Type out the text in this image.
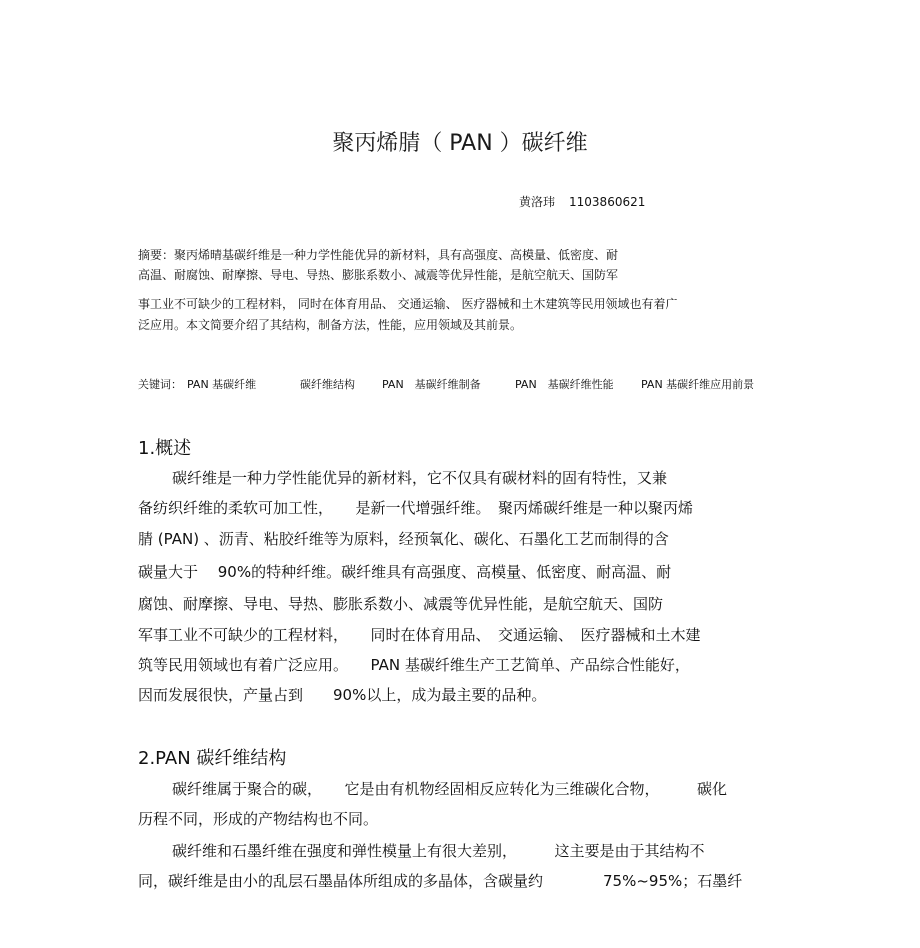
聚丙烯腈（ PAN ）碳纤维
黄洛玮 1103860621
摘要：聚丙烯晴基碳纤维是一种力学性能优异的新材料，具有高强度、高模量、低密度、耐
高温、耐腐蚀、耐摩擦、导电、导热、膨胀系数小、减震等优异性能，是航空航天、国防军
事工业不可缺少的工程材料， 同时在体育用品、 交通运输、 医疗器械和土木建筑等民用领域也有着广
泛应用。本文简要介绍了其结构，制备方法，性能，应用领域及其前景。
关键词： PAN 基碳纤维	碳纤维结构 PAN　基碳纤维制备	PAN　基碳纤维性能 PAN 基碳纤维应用前景
1.概述
碳纤维是一种力学性能优异的新材料，它不仅具有碳材料的固有特性，又兼
备纺织纤维的柔软可加工性，　　是新一代增强纤维。　聚丙烯碳纤维是一种以聚丙烯
腈 (PAN) 、沥青、粘胶纤维等为原料，经预氧化、碳化、石墨化工艺而制得的含
碳量大于　 90%的特种纤维。碳纤维具有高强度、高模量、低密度、耐高温、耐
腐蚀、耐摩擦、导电、导热、膨胀系数小、减震等优异性能，是航空航天、国防
军事工业不可缺少的工程材料，　　同时在体育用品、　交通运输、　医疗器械和土木建
筑等民用领域也有着广泛应用。　　PAN 基碳纤维生产工艺简单、产品综合性能好，
因而发展很快，产量占到　　90%以上，成为最主要的品种。
2.PAN 碳纤维结构
碳纤维属于聚合的碳，　　它是由有机物经固相反应转化为三维碳化合物，　　　碳化
历程不同，形成的产物结构也不同。
碳纤维和石墨纤维在强度和弹性模量上有很大差别，　　　这主要是由于其结构不
同，碳纤维是由小的乱层石墨晶体所组成的多晶体，含碳量约　　　　75%~95%；石墨纤
